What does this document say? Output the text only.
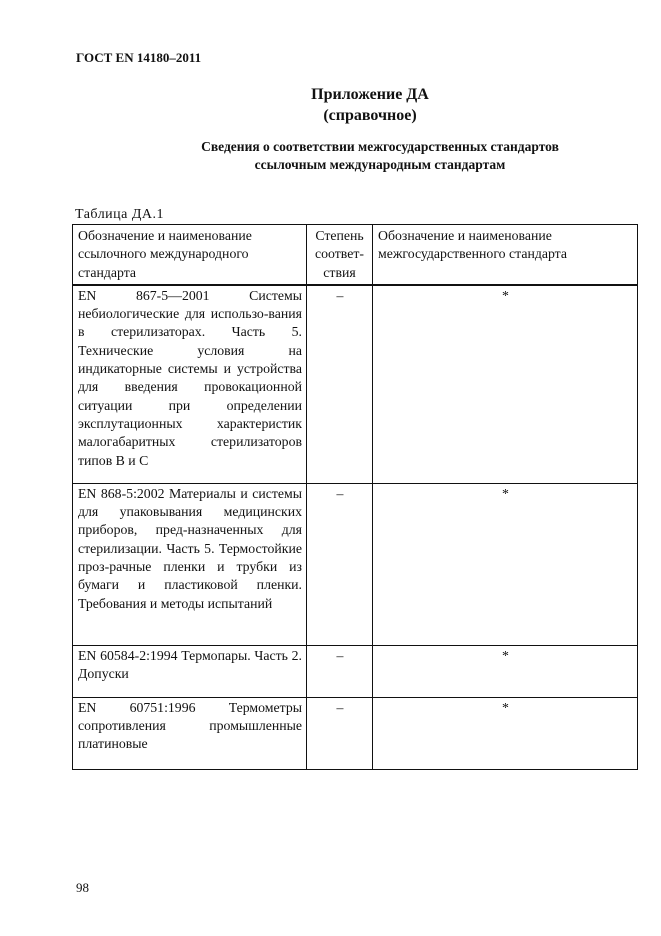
ГОСТ EN 14180–2011
Приложение ДА
(справочное)
Сведения о соответствии межгосударственных стандартов
ссылочным международным стандартам
Таблица ДА.1
Обозначение и наименование ссылочного международного стандарта	Степень соответ-ствия	Обозначение и наименование межгосударственного стандарта
EN 867-5—2001 Системы небиологические для использо-вания в стерилизаторах. Часть 5. Технические условия на индикаторные системы и устройства для введения провокационной ситуации при определении эксплутационных характеристик малогабаритных стерилизаторов типов B и C	–	*
EN 868-5:2002 Материалы и системы для упаковывания медицинских приборов, пред-назначенных для стерилизации. Часть 5. Термостойкие проз-рачные пленки и трубки из бумаги и пластиковой пленки. Требования и методы испытаний	–	*
EN 60584-2:1994 Термопары. Часть 2. Допуски	–	*
EN 60751:1996 Термометры сопротивления промышленные платиновые	–	*
98
